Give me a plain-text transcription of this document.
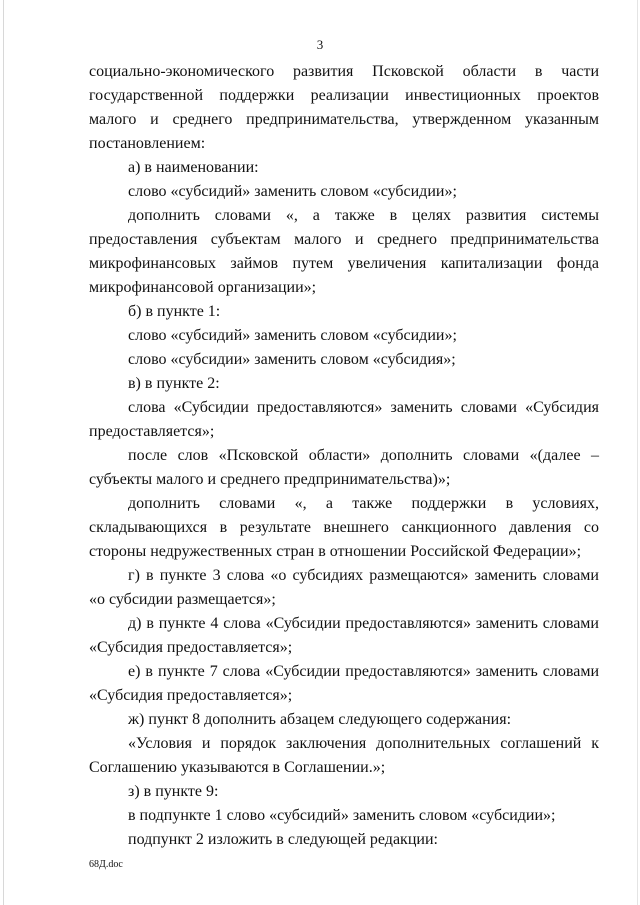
3

социально-экономического развития Псковской области в части государственной поддержки реализации инвестиционных проектов малого и среднего предпринимательства, утвержденном указанным постановлением:

а) в наименовании:

слово «субсидий» заменить словом «субсидии»;

дополнить словами «, а также в целях развития системы предоставления субъектам малого и среднего предпринимательства микрофинансовых займов путем увеличения капитализации фонда микрофинансовой организации»;

б) в пункте 1:

слово «субсидий» заменить словом «субсидии»;

слово «субсидии» заменить словом «субсидия»;

в) в пункте 2:

слова «Субсидии предоставляются» заменить словами «Субсидия предоставляется»;

после слов «Псковской области» дополнить словами «(далее – субъекты малого и среднего предпринимательства)»;

дополнить словами «, а также поддержки в условиях, складывающихся в результате внешнего санкционного давления со стороны недружественных стран в отношении Российской Федерации»;

г) в пункте 3 слова «о субсидиях размещаются» заменить словами «о субсидии размещается»;

д) в пункте 4 слова «Субсидии предоставляются» заменить словами «Субсидия предоставляется»;

е) в пункте 7 слова «Субсидии предоставляются» заменить словами «Субсидия предоставляется»;

ж) пункт 8 дополнить абзацем следующего содержания:

«Условия и порядок заключения дополнительных соглашений к Соглашению указываются в Соглашении.»;

з) в пункте 9:

в подпункте 1 слово «субсидий» заменить словом «субсидии»;

подпункт 2 изложить в следующей редакции:

68Д.doc
